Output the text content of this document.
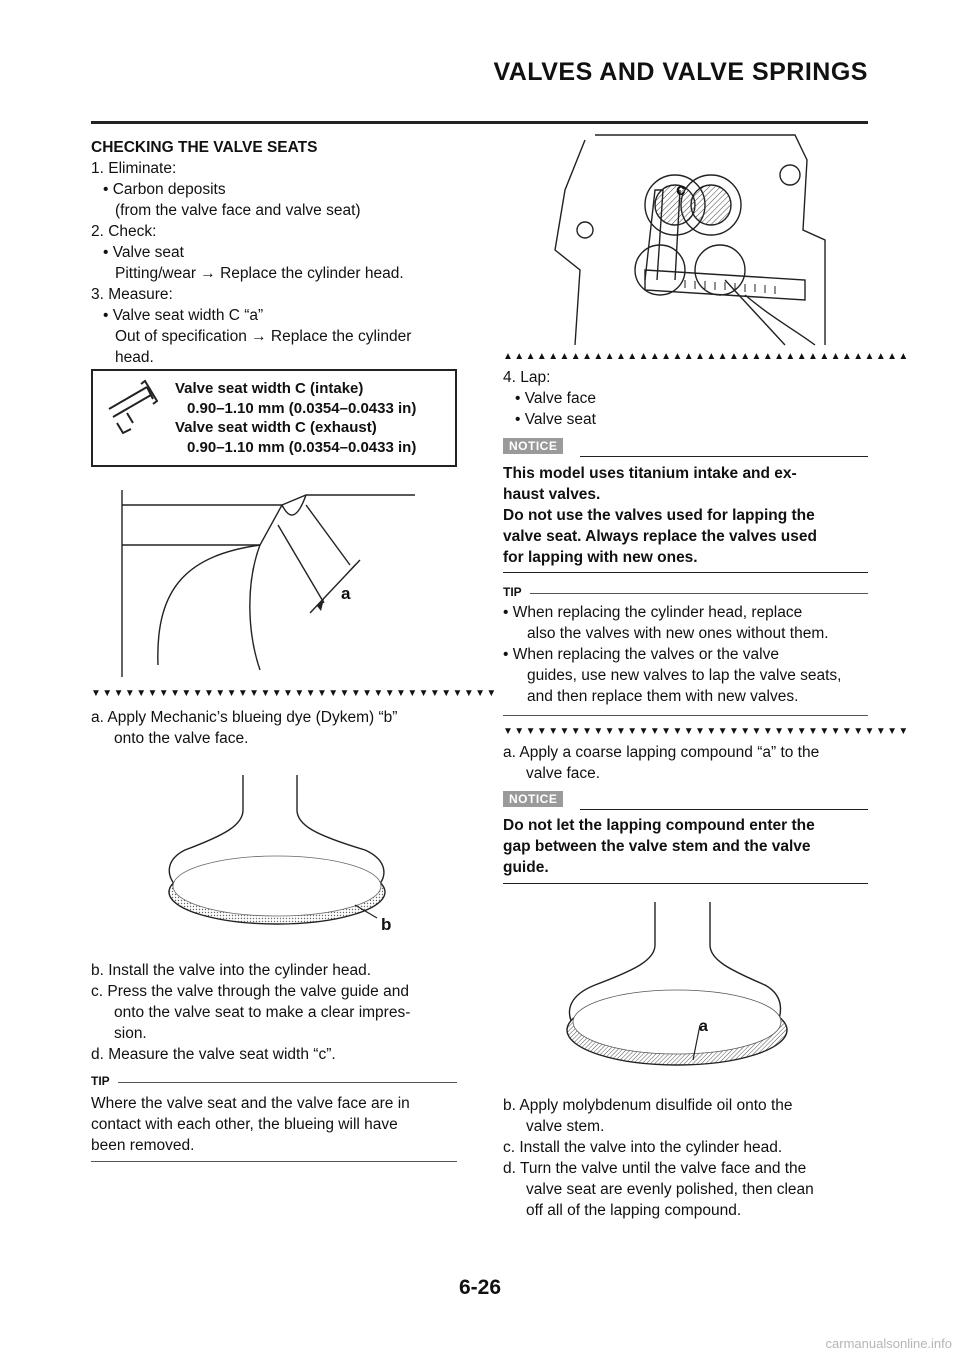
VALVES AND VALVE SPRINGS

CHECKING THE VALVE SEATS

1. Eliminate:

• Carbon deposits

(from the valve face and valve seat)

2. Check:

• Valve seat

Pitting/wear → Replace the cylinder head.

3. Measure:

• Valve seat width C “a”

Out of specification → Replace the cylinder

head.

Valve seat width C (intake)
0.90–1.10 mm (0.0354–0.0433 in)
Valve seat width C (exhaust)
0.90–1.10 mm (0.0354–0.0433 in)
a
▼▼▼▼▼▼▼▼▼▼▼▼▼▼▼▼▼▼▼▼▼▼▼▼▼▼▼▼▼▼▼▼▼▼▼▼

a. Apply Mechanic’s blueing dye (Dykem) “b”

onto the valve face.

b

b. Install the valve into the cylinder head.

c. Press the valve through the valve guide and

onto the valve seat to make a clear impres-

sion.

d. Measure the valve seat width “c”.

TIP

Where the valve seat and the valve face are in

contact with each other, the blueing will have

been removed.

c
▲▲▲▲▲▲▲▲▲▲▲▲▲▲▲▲▲▲▲▲▲▲▲▲▲▲▲▲▲▲▲▲▲▲▲▲

4. Lap:

• Valve face

• Valve seat

NOTICE

This model uses titanium intake and ex-

haust valves.

Do not use the valves used for lapping the

valve seat. Always replace the valves used

for lapping with new ones.

TIP

• When replacing the cylinder head, replace

also the valves with new ones without them.

• When replacing the valves or the valve

guides, use new valves to lap the valve seats,

and then replace them with new valves.

▼▼▼▼▼▼▼▼▼▼▼▼▼▼▼▼▼▼▼▼▼▼▼▼▼▼▼▼▼▼▼▼▼▼▼▼

a. Apply a coarse lapping compound “a” to the

valve face.

NOTICE

Do not let the lapping compound enter the

gap between the valve stem and the valve

guide.

a

b. Apply molybdenum disulfide oil onto the

valve stem.

c. Install the valve into the cylinder head.

d. Turn the valve until the valve face and the

valve seat are evenly polished, then clean

off all of the lapping compound.

6-26
carmanualsonline.info
